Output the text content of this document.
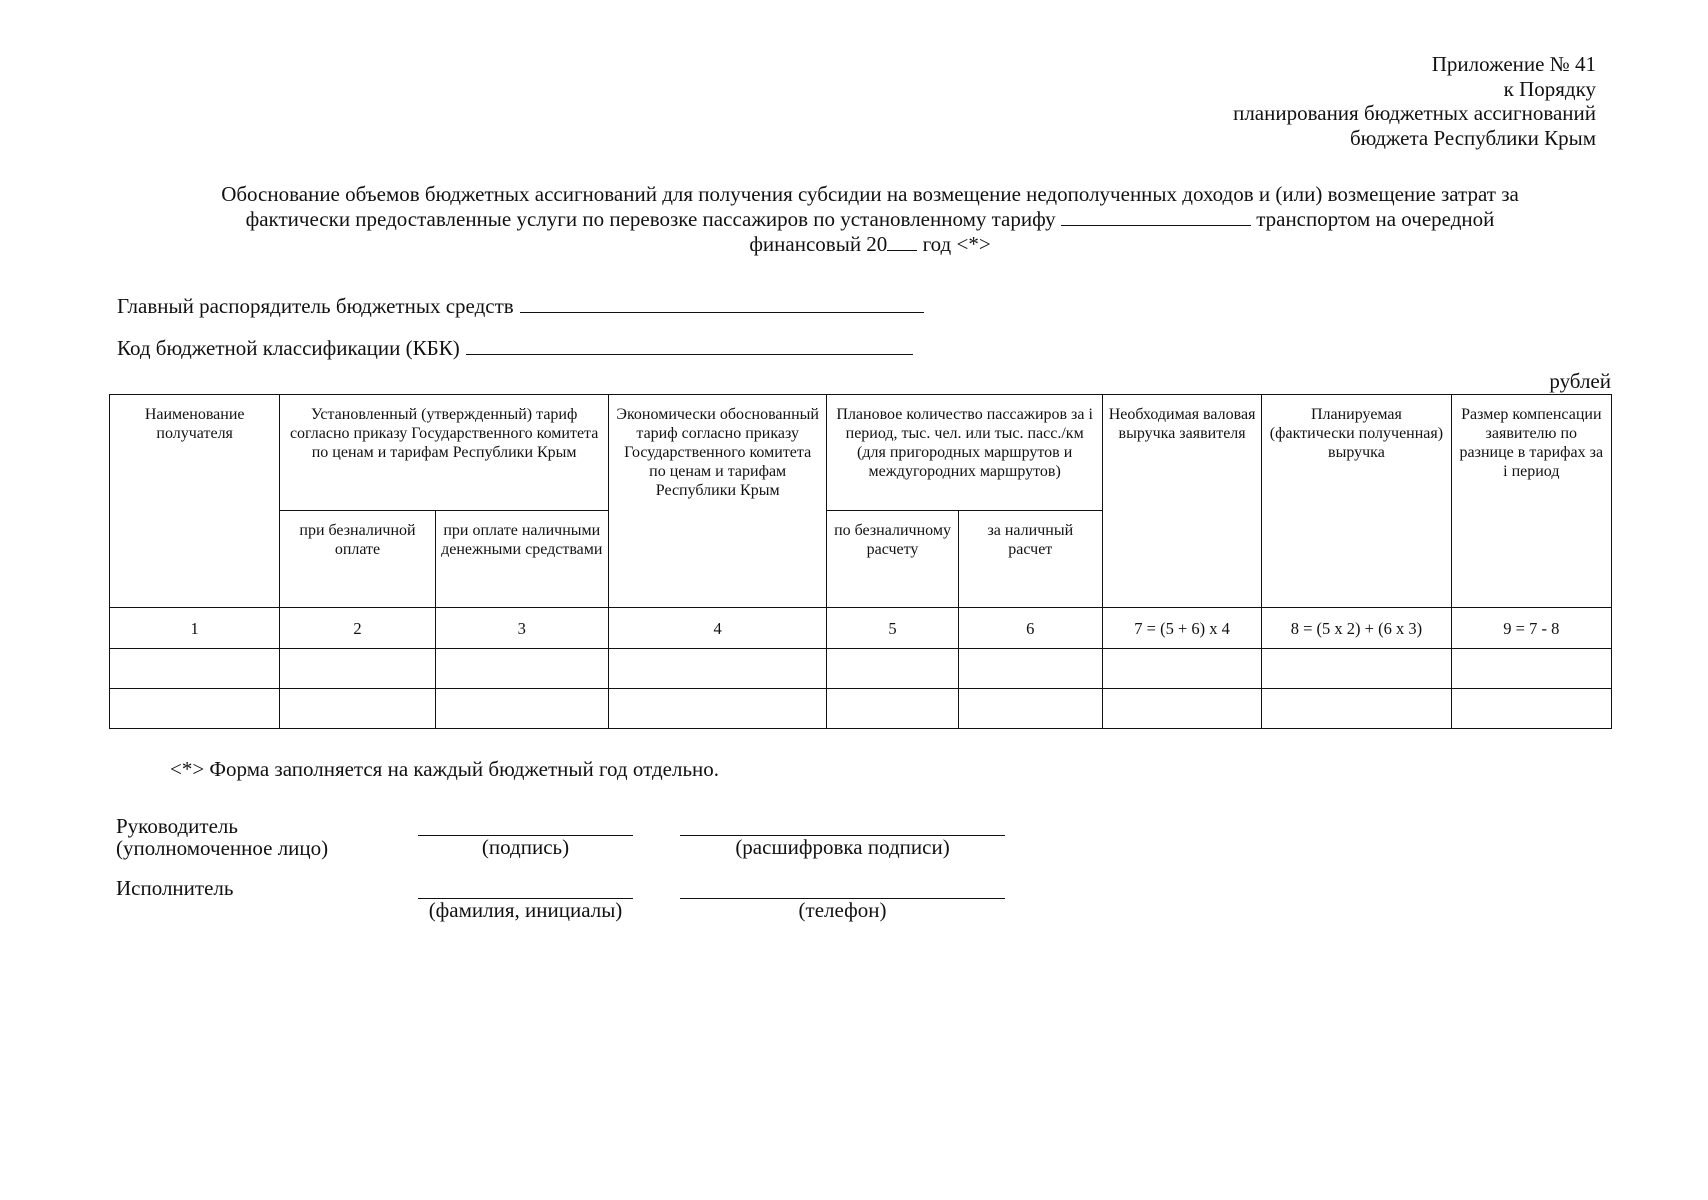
Приложение № 41
к Порядку
планирования бюджетных ассигнований
бюджета Республики Крым
Обоснование объемов бюджетных ассигнований для получения субсидии на возмещение недополученных доходов и (или) возмещение затрат за
фактически предоставленные услуги по перевозке пассажиров по установленному тарифу	транспортом на очередной
финансовый 20 год <*>
Главный распорядитель бюджетных средств
Код бюджетной классификации (КБК)
рублей
Наименование получателя	Установленный (утвержденный) тариф согласно приказу Государственного комитета по ценам и тарифам Республики Крым		Экономически обоснованный тариф согласно приказу Государственного комитета по ценам и тарифам Республики Крым	Плановое количество пассажиров за i период, тыс. чел. или тыс. пасс./км (для пригородных маршрутов и междугородних маршрутов)		Необходимая валовая выручка заявителя	Планируемая (фактически полученная) выручка	Размер компенсации заявителю по разнице в тарифах за i период
	при безналичной оплате	при оплате наличными денежными средствами		по безналичному расчету	за наличный расчет			
1	2	3	4	5	6	7 = (5 + 6) x 4	8 = (5 x 2) + (6 x 3)	9 = 7 - 8

<*> Форма заполняется на каждый бюджетный год отдельно.
Руководитель
(уполномоченное лицо)	(подпись)	(расшифровка подписи)
Исполнитель
(фамилия, инициалы)	(телефон)
